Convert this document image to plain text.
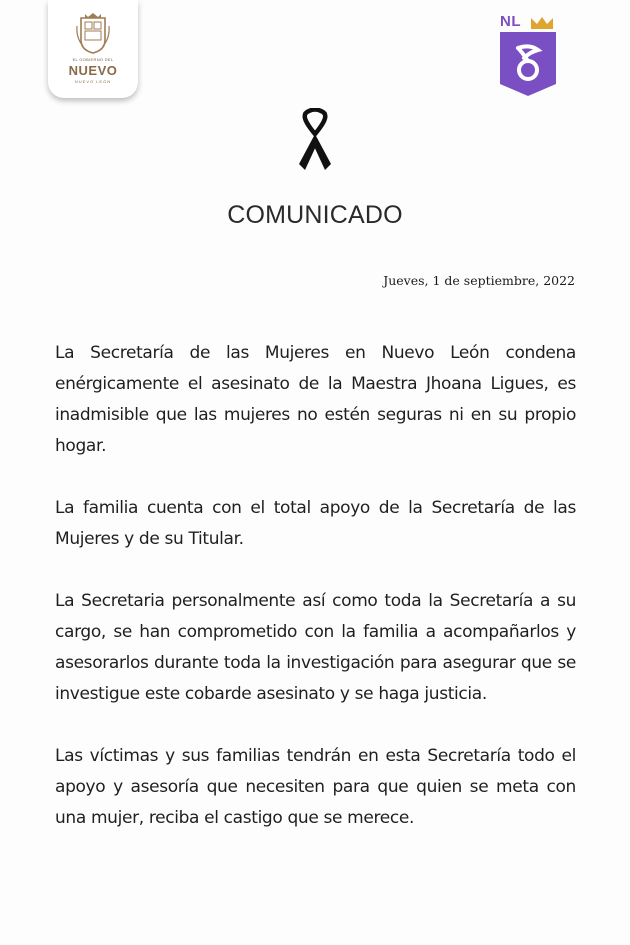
EL GOBIERNO DEL
NUEVO
NUEVO LEÓN
NL
COMUNICADO
Jueves, 1 de septiembre, 2022

La Secretaría de las Mujeres en Nuevo León condena enérgicamente el asesinato de la Maestra Jhoana Ligues, es inadmisible que las mujeres no estén seguras ni en su propio hogar.

La familia cuenta con el total apoyo de la Secretaría de las Mujeres y de su Titular.

La Secretaria personalmente así como toda la Secretaría a su cargo, se han comprometido con la familia a acompañarlos y asesorarlos durante toda la investigación para asegurar que se investigue este cobarde asesinato y se haga justicia.

Las víctimas y sus familias tendrán en esta Secretaría todo el apoyo y asesoría que necesiten para que quien se meta con una mujer, reciba el castigo que se merece.
